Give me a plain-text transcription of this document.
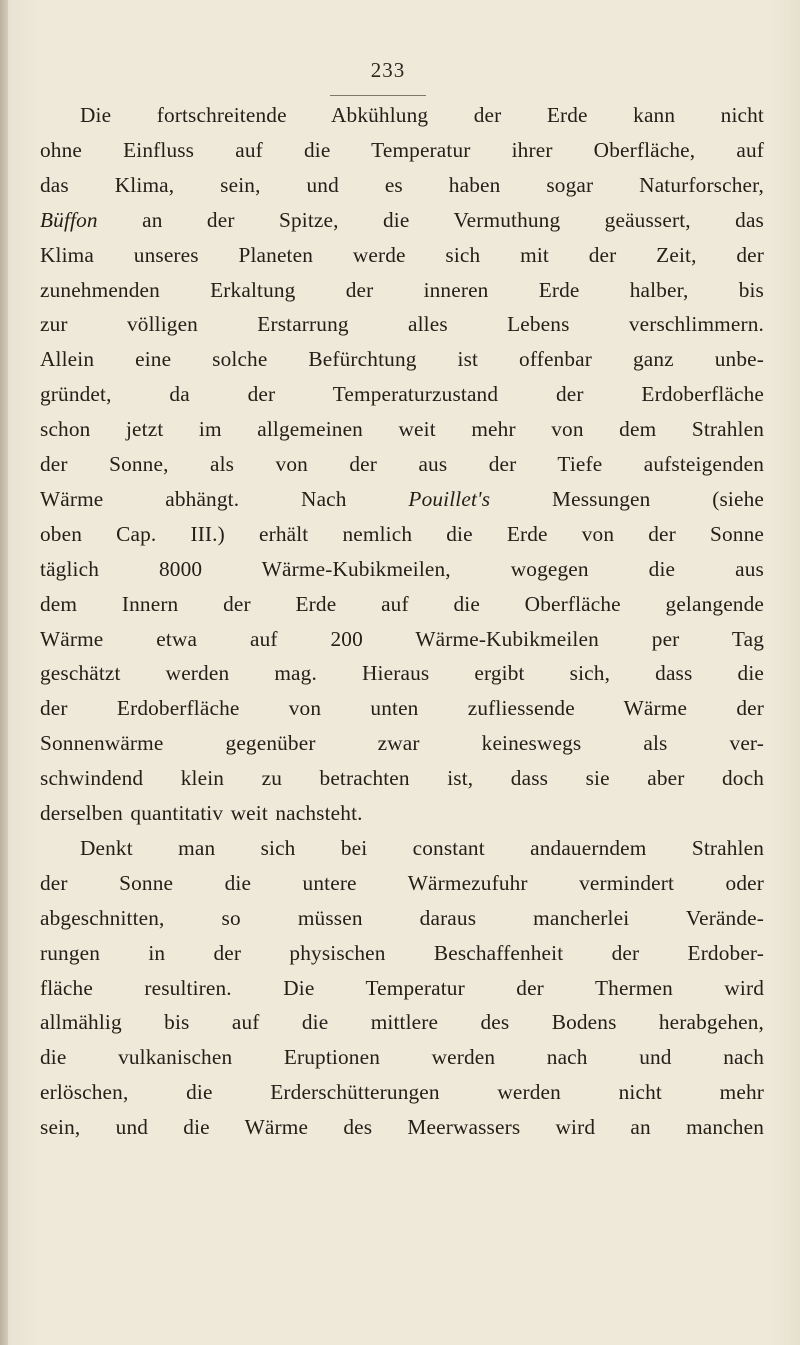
233
Die fortschreitende Abkühlung der Erde kann nicht
ohne Einfluss auf die Temperatur ihrer Oberfläche, auf
das Klima, sein, und es haben sogar Naturforscher,
Büffon an der Spitze, die Vermuthung geäussert, das
Klima unseres Planeten werde sich mit der Zeit, der
zunehmenden Erkaltung der inneren Erde halber, bis
zur völligen Erstarrung alles Lebens verschlimmern.
Allein eine solche Befürchtung ist offenbar ganz unbe-
gründet, da der Temperaturzustand der Erdoberfläche
schon jetzt im allgemeinen weit mehr von dem Strahlen
der Sonne, als von der aus der Tiefe aufsteigenden
Wärme abhängt. Nach Pouillet's Messungen (siehe
oben Cap. III.) erhält nemlich die Erde von der Sonne
täglich 8000 Wärme-Kubikmeilen, wogegen die aus
dem Innern der Erde auf die Oberfläche gelangende
Wärme etwa auf 200 Wärme-Kubikmeilen per Tag
geschätzt werden mag. Hieraus ergibt sich, dass die
der Erdoberfläche von unten zufliessende Wärme der
Sonnenwärme gegenüber zwar keineswegs als ver-
schwindend klein zu betrachten ist, dass sie aber doch
derselben quantitativ weit nachsteht.
Denkt man sich bei constant andauerndem Strahlen
der Sonne die untere Wärmezufuhr vermindert oder
abgeschnitten, so müssen daraus mancherlei Verände-
rungen in der physischen Beschaffenheit der Erdober-
fläche resultiren. Die Temperatur der Thermen wird
allmählig bis auf die mittlere des Bodens herabgehen,
die vulkanischen Eruptionen werden nach und nach
erlöschen, die Erderschütterungen werden nicht mehr
sein, und die Wärme des Meerwassers wird an manchen
